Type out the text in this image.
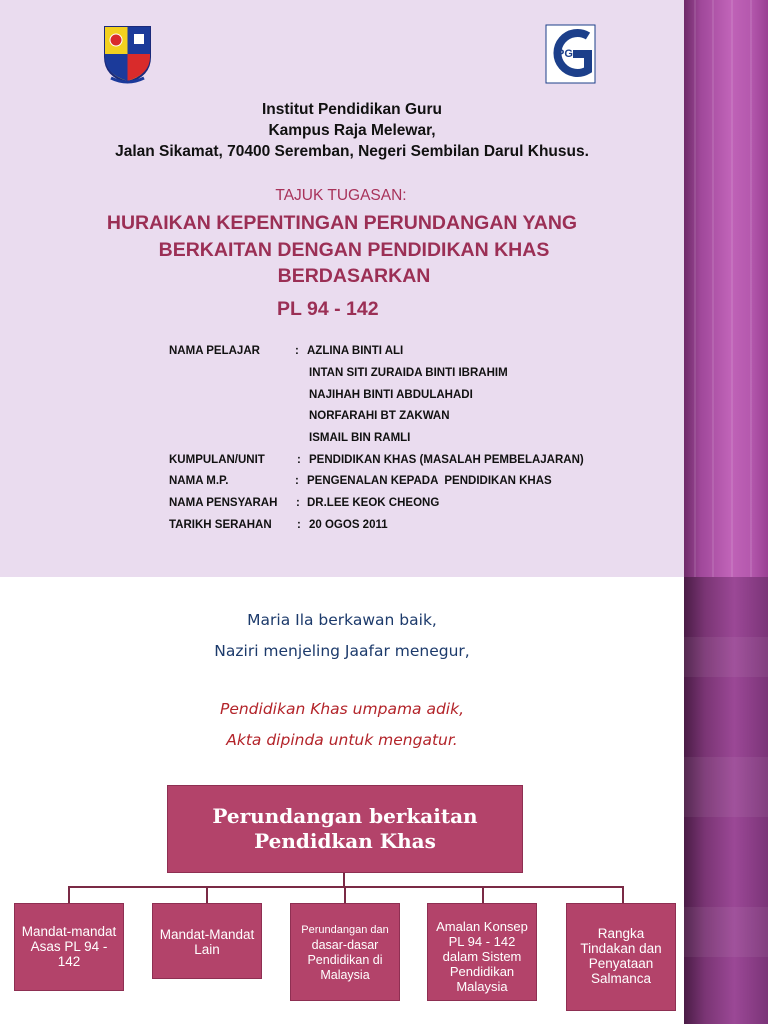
IPG
Institut Pendidikan Guru
Kampus Raja Melewar,
Jalan Sikamat, 70400 Seremban, Negeri Sembilan Darul Khusus.
TAJUK TUGASAN:
HURAIKAN KEPENTINGAN PERUNDANGAN YANG
BERKAITAN DENGAN PENDIDIKAN KHAS
BERDASARKAN
PL 94 - 142
NAMA PELAJAR	: AZLINA BINTI ALI
INTAN SITI ZURAIDA BINTI IBRAHIM
NAJIHAH BINTI ABDULAHADI
NORFARAHI BT ZAKWAN
ISMAIL BIN RAMLI
KUMPULAN/UNIT	: PENDIDIKAN KHAS (MASALAH PEMBELAJARAN)
NAMA M.P.	: PENGENALAN KEPADA  PENDIDIKAN KHAS
NAMA PENSYARAH : DR.LEE KEOK CHEONG
TARIKH SERAHAN : 20 OGOS 2011
Maria Ila berkawan baik,
Naziri menjeling Jaafar menegur,
Pendidikan Khas umpama adik,
Akta dipinda untuk mengatur.
Perundangan berkaitan
Pendidkan Khas
Mandat-mandat
Asas PL 94 -
142
Mandat-Mandat
Lain
Perundangan dan
dasar-dasar
Pendidikan di
Malaysia
Amalan Konsep
PL 94 - 142
dalam Sistem
Pendidikan
Malaysia
Rangka
Tindakan dan
Penyataan
Salmanca
